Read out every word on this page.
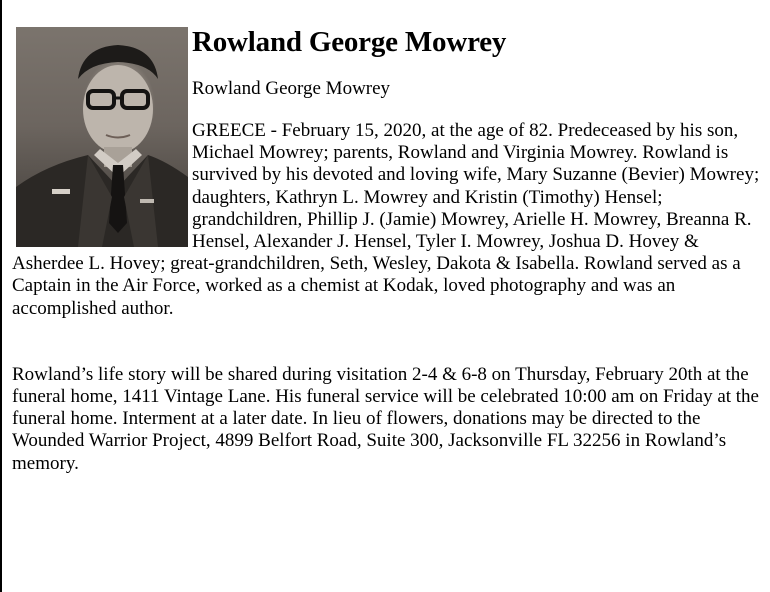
Rowland George Mowrey

Rowland George Mowrey

GREECE - February 15, 2020, at the age of 82. Predeceased by his son, Michael Mowrey; parents, Rowland and Virginia Mowrey. Rowland is survived by his devoted and loving wife, Mary Suzanne (Bevier) Mowrey; daughters, Kathryn L. Mowrey and Kristin (Timothy) Hensel; grandchildren, Phillip J. (Jamie) Mowrey, Arielle H. Mowrey, Breanna R. Hensel, Alexander J. Hensel, Tyler I. Mowrey, Joshua D. Hovey & Asherdee L. Hovey; great-grandchildren, Seth, Wesley, Dakota & Isabella. Rowland served as a Captain in the Air Force, worked as a chemist at Kodak, loved photography and was an accomplished author.

Rowland’s life story will be shared during visitation 2-4 & 6-8 on Thursday, February 20th at the funeral home, 1411 Vintage Lane. His funeral service will be celebrated 10:00 am on Friday at the funeral home. Interment at a later date. In lieu of flowers, donations may be directed to the Wounded Warrior Project, 4899 Belfort Road, Suite 300, Jacksonville FL 32256 in Rowland’s memory.
